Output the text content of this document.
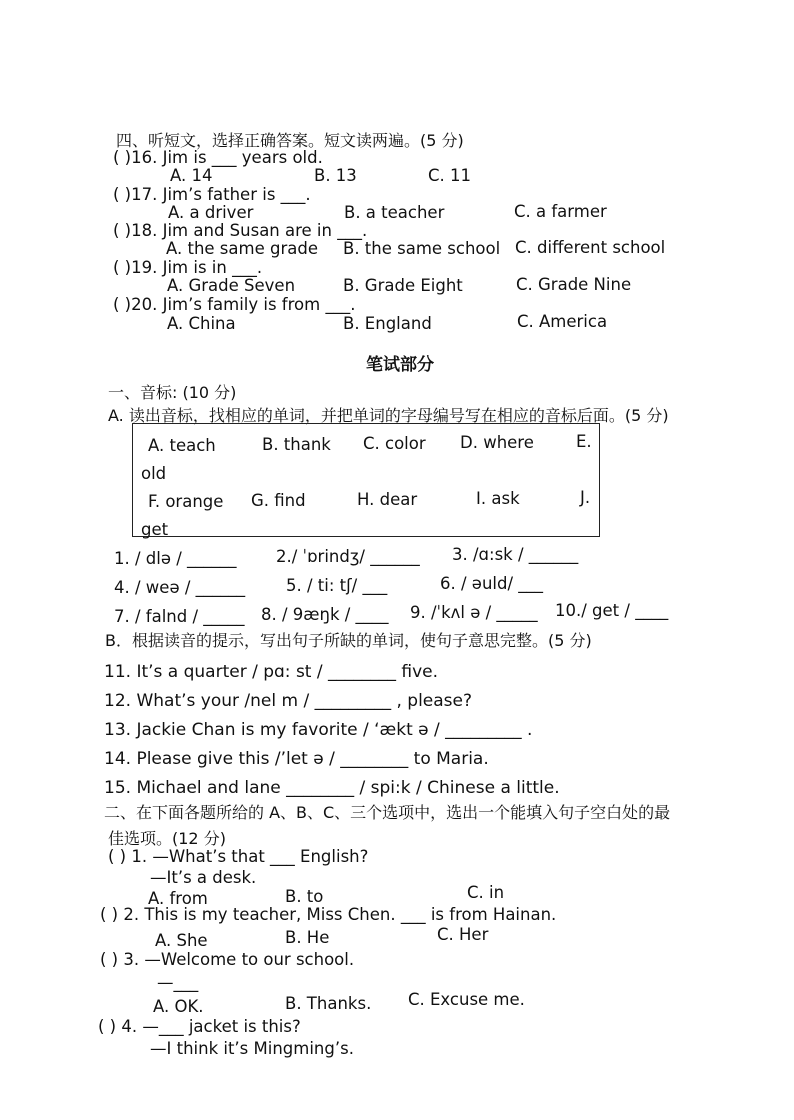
四、听短文，选择正确答案。短文读两遍。(5 分)
( )16. Jim is ___ years old.
A. 14	B. 13	C. 11
( )17. Jim’s father is ___.
A. a driver	B. a teacher	C. a farmer
( )18. Jim and Susan are in ___.
A. the same grade B. the same school C. different school
( )19. Jim is in ___.
A. Grade Seven	B. Grade Eight	C. Grade Nine
( )20. Jim’s family is from ___.
A. China	B. England	C. America
笔试部分
一、音标: (10 分)
A. 读出音标，找相应的单词，并把单词的字母编号写在相应的音标后面。(5 分)
A. teach	B. thank C. color D. where	E.
old
F. orange G. find	H. dear	I. ask	J.
get
1. / dlə / ______ 2./ ˈɒrindʒ/ ______ 3. /ɑ:sk / ______
4. / weə / ______ 5. / ti: tʃ/ ___	6. / əuld/ ___
7. / falnd / _____ 8. / 9æŋk / ____ 9. /ˈkʌl ə / _____ 10./ get / ____
B．根据读音的提示，写出句子所缺的单词，使句子意思完整。(5 分)
11. It’s a quarter / pɑ: st / ________ five.
12. What’s your /nel m / _________ , please?
13. Jackie Chan is my favorite / ‘ækt ə / _________ .
14. Please give this /’let ə / ________ to Maria.
15. Michael and lane ________ / spi:k / Chinese a little.
二、在下面各题所给的 A、B、C、三个选项中，选出一个能填入句子空白处的最
佳选项。(12 分)
( ) 1. —What’s that ___ English?
—It’s a desk.
A. from	B. to	C. in
( ) 2. This is my teacher, Miss Chen. ___ is from Hainan.
A. She	B. He	C. Her
( ) 3. —Welcome to our school.
—___
A. OK.	B. Thanks. C. Excuse me.
( ) 4. —___ jacket is this?
—I think it’s Mingming’s.
